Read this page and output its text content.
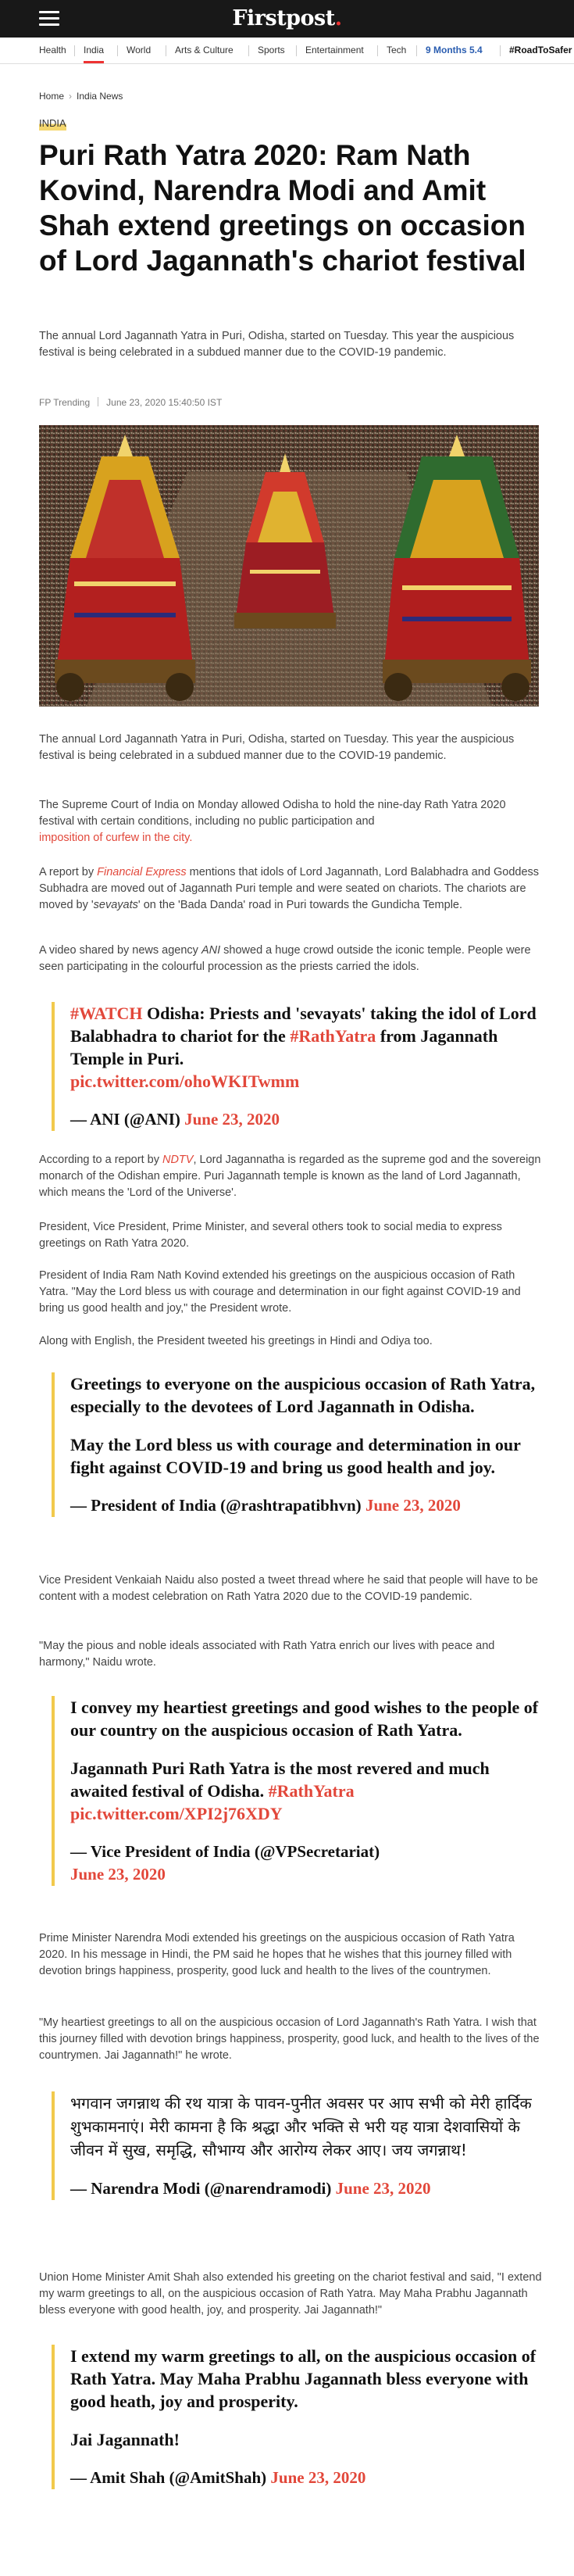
Firstpost.
Health India World	Arts & Culture	Sports Entertainment Tech 9 Months 5.4	#RoadToSafer
Home › India News
INDIA
Puri Rath Yatra 2020: Ram Nath Kovind, Narendra Modi and Amit Shah extend greetings on occasion of Lord Jagannath's chariot festival
The annual Lord Jagannath Yatra in Puri, Odisha, started on Tuesday. This year the auspicious festival is being celebrated in a subdued manner due to the COVID-19 pandemic.
FP Trending June 23, 2020 15:40:50 IST
The annual Lord Jagannath Yatra in Puri, Odisha, started on Tuesday. This year the auspicious festival is being celebrated in a subdued manner due to the COVID-19 pandemic.
The Supreme Court of India on Monday allowed Odisha to hold the nine-day Rath Yatra 2020 festival with certain conditions, including no public participation and
imposition of curfew in the city.
A report by Financial Express mentions that idols of Lord Jagannath, Lord Balabhadra and Goddess Subhadra are moved out of Jagannath Puri temple and were seated on chariots. The chariots are moved by 'sevayats' on the 'Bada Danda' road in Puri towards the Gundicha Temple.
A video shared by news agency ANI showed a huge crowd outside the iconic temple. People were seen participating in the colourful procession as the priests carried the idols.

#WATCH Odisha: Priests and 'sevayats' taking the idol of Lord Balabhadra to chariot for the #RathYatra from Jagannath Temple in Puri.
pic.twitter.com/ohoWKITwmm

— ANI (@ANI) June 23, 2020
According to a report by NDTV, Lord Jagannatha is regarded as the supreme god and the sovereign monarch of the Odishan empire. Puri Jagannath temple is known as the land of Lord Jagannath, which means the 'Lord of the Universe'.
President, Vice President, Prime Minister, and several others took to social media to express greetings on Rath Yatra 2020.
President of India Ram Nath Kovind extended his greetings on the auspicious occasion of Rath Yatra. "May the Lord bless us with courage and determination in our fight against COVID-19 and bring us good health and joy," the President wrote.
Along with English, the President tweeted his greetings in Hindi and Odiya too.

Greetings to everyone on the auspicious occasion of Rath Yatra, especially to the devotees of Lord Jagannath in Odisha.

May the Lord bless us with courage and determination in our fight against COVID-19 and bring us good health and joy.

— President of India (@rashtrapatibhvn) June 23, 2020
Vice President Venkaiah Naidu also posted a tweet thread where he said that people will have to be content with a modest celebration on Rath Yatra 2020 due to the COVID-19 pandemic.
"May the pious and noble ideals associated with Rath Yatra enrich our lives with peace and harmony," Naidu wrote.

I convey my heartiest greetings and good wishes to the people of our country on the auspicious occasion of Rath Yatra.

Jagannath Puri Rath Yatra is the most revered and much awaited festival of Odisha. #RathYatra
pic.twitter.com/XPI2j76XDY

— Vice President of India (@VPSecretariat)
June 23, 2020
Prime Minister Narendra Modi extended his greetings on the auspicious occasion of Rath Yatra 2020. In his message in Hindi, the PM said he hopes that he wishes that this journey filled with devotion brings happiness, prosperity, good luck and health to the lives of the countrymen.
"My heartiest greetings to all on the auspicious occasion of Lord Jagannath's Rath Yatra. I wish that this journey filled with devotion brings happiness, prosperity, good luck, and health to the lives of the countrymen. Jai Jagannath!" he wrote.

भगवान जगन्नाथ की रथ यात्रा के पावन-पुनीत अवसर पर आप सभी को मेरी हार्दिक शुभकामनाएं। मेरी कामना है कि श्रद्धा और भक्ति से भरी यह यात्रा देशवासियों के जीवन में सुख, समृद्धि, सौभाग्य और आरोग्य लेकर आए। जय जगन्नाथ!

— Narendra Modi (@narendramodi) June 23, 2020
Union Home Minister Amit Shah also extended his greeting on the chariot festival and said, "I extend my warm greetings to all, on the auspicious occasion of Rath Yatra. May Maha Prabhu Jagannath bless everyone with good health, joy, and prosperity. Jai Jagannath!"

I extend my warm greetings to all, on the auspicious occasion of Rath Yatra. May Maha Prabhu Jagannath bless everyone with good heath, joy and prosperity.

Jai Jagannath!

— Amit Shah (@AmitShah) June 23, 2020
